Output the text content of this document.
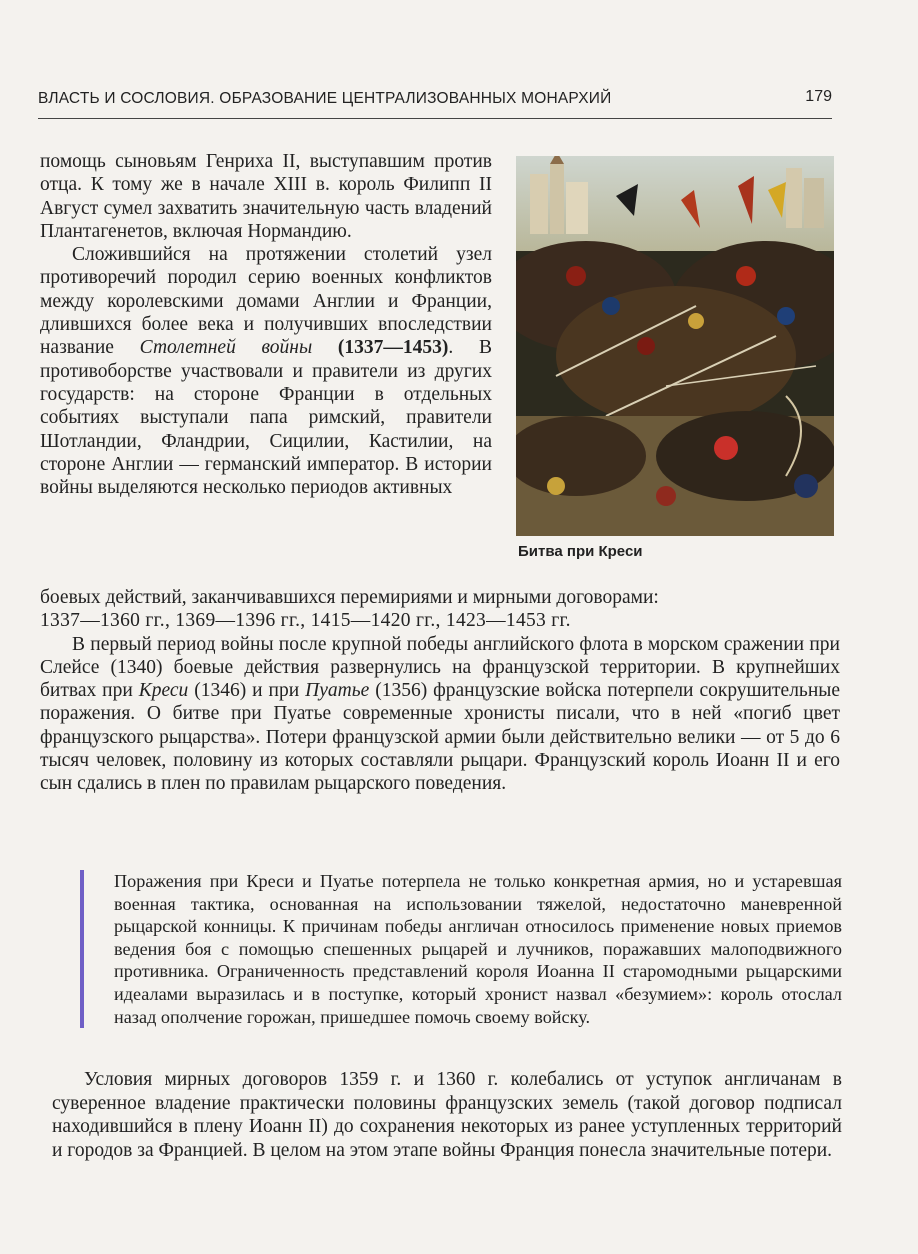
ВЛАСТЬ И СОСЛОВИЯ. ОБРАЗОВАНИЕ ЦЕНТРАЛИЗОВАННЫХ МОНАРХИЙ	179

помощь сыновьям Генриха II, выступавшим против отца. К тому же в начале XIII в. король Филипп II Август сумел захватить значительную часть владений Плантагенетов, включая Нормандию.

Сложившийся на протяжении столетий узел противоречий породил серию военных конфликтов между королевскими домами Англии и Франции, длившихся более века и получивших впоследствии название Столетней войны (1337—1453). В противоборстве участвовали и правители из других государств: на стороне Франции в отдельных событиях выступали папа римский, правители Шотландии, Фландрии, Сицилии, Кастилии, на стороне Англии — германский император. В истории войны выделяются несколько периодов активных

Битва при Креси

боевых действий, заканчивавшихся перемириями и мирными договорами:

1337—1360 гг., 1369—1396 гг., 1415—1420 гг., 1423—1453 гг.

В первый период войны после крупной победы английского флота в морском сражении при Слейсе (1340) боевые действия развернулись на французской территории. В крупнейших битвах при Креси (1346) и при Пуатье (1356) французские войска потерпели сокрушительные поражения. О битве при Пуатье современные хронисты писали, что в ней «погиб цвет французского рыцарства». Потери французской армии были действительно велики — от 5 до 6 тысяч человек, половину из которых составляли рыцари. Французский король Иоанн II и его сын сдались в плен по правилам рыцарского поведения.

Поражения при Креси и Пуатье потерпела не только конкретная армия, но и устаревшая военная тактика, основанная на использовании тяжелой, недостаточно маневренной рыцарской конницы. К причинам победы англичан относилось применение новых приемов ведения боя с помощью спешенных рыцарей и лучников, поражавших малоподвижного противника. Ограниченность представлений короля Иоанна II старомодными рыцарскими идеалами выразилась и в поступке, который хронист назвал «безумием»: король отослал назад ополчение горожан, пришедшее помочь своему войску.

Условия мирных договоров 1359 г. и 1360 г. колебались от уступок англичанам в суверенное владение практически половины французских земель (такой договор подписал находившийся в плену Иоанн II) до сохранения некоторых из ранее уступленных территорий и городов за Францией. В целом на этом этапе войны Франция понесла значительные потери.
